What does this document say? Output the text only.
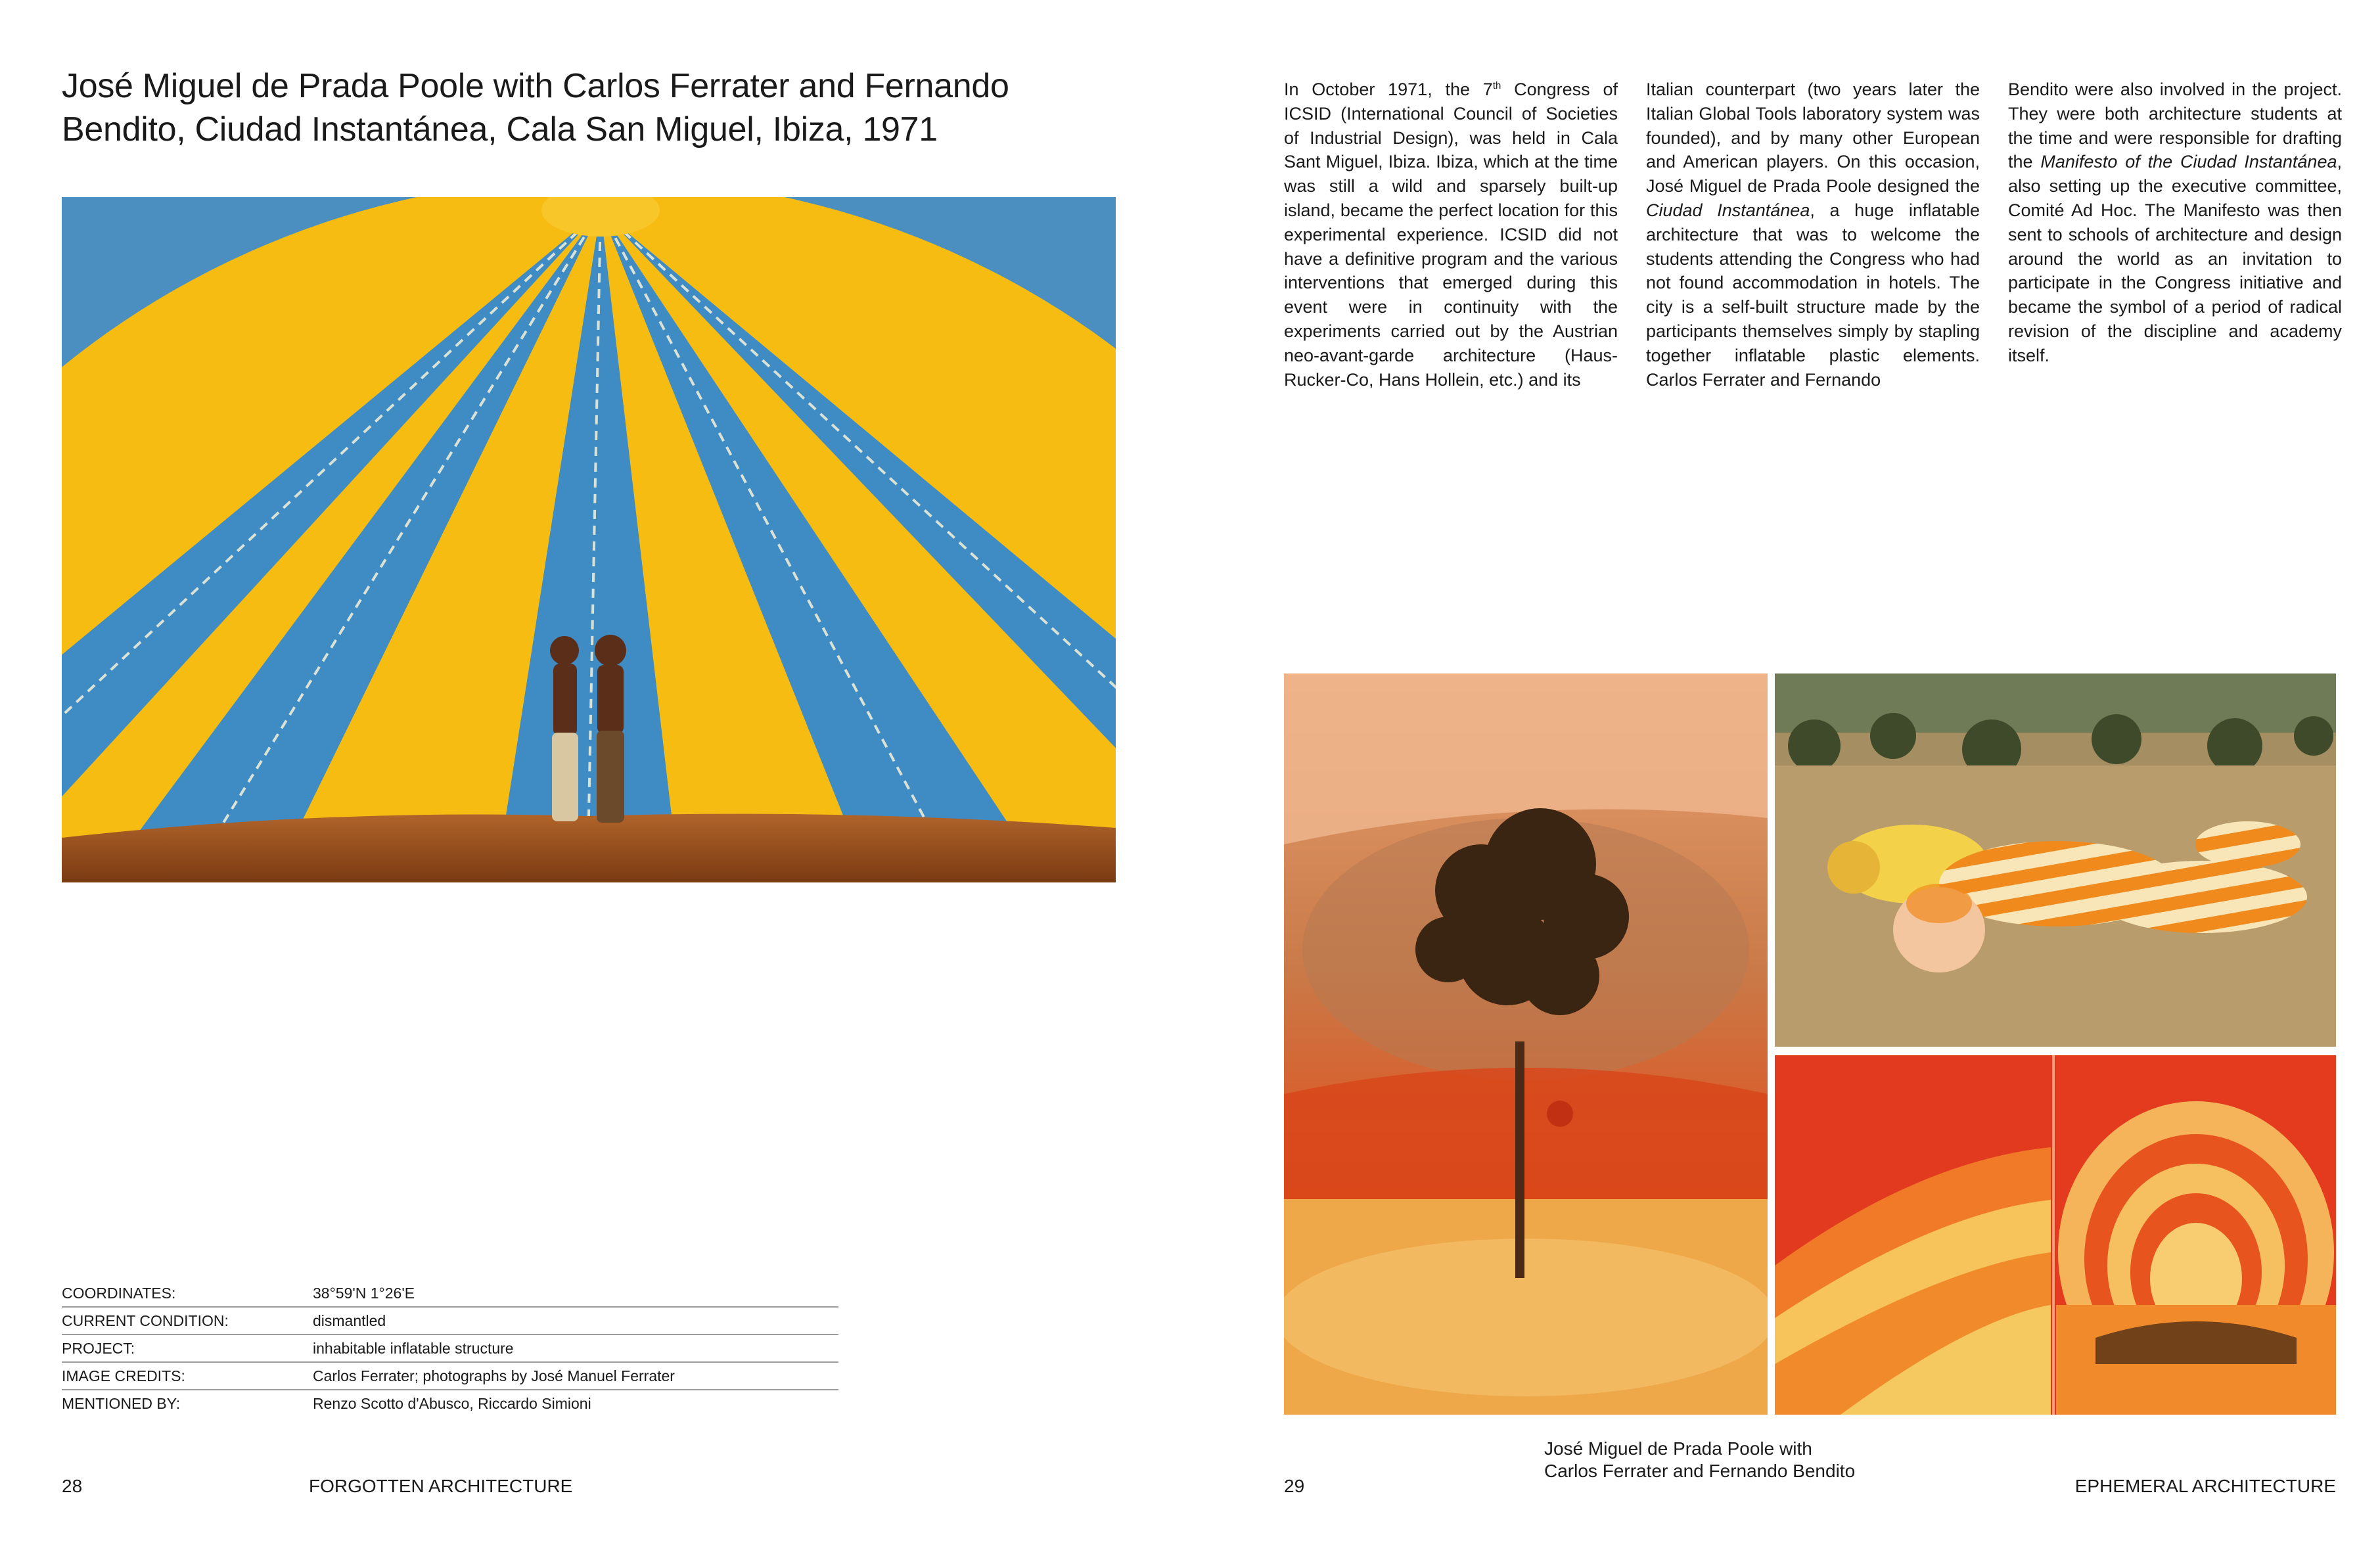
José Miguel de Prada Poole with Carlos Ferrater and Fernando Bendito, Ciudad Instantánea, Cala San Miguel, Ibiza, 1971
COORDINATES:	38°59'N 1°26'E
CURRENT CONDITION:	dismantled
PROJECT:	inhabitable inflatable structure
IMAGE CREDITS:	Carlos Ferrater; photographs by José Manuel Ferrater
MENTIONED BY:	Renzo Scotto d'Abusco, Riccardo Simioni
28	FORGOTTEN ARCHITECTURE

In October 1971, the 7th Congress of ICSID (International Council of Societies of Industrial Design), was held in Cala Sant Miguel, Ibiza. Ibiza, which at the time was still a wild and sparsely built-up island, became the perfect location for this experimental experience. ICSID did not have a definitive program and the various interventions that emerged during this event were in continuity with the experiments carried out by the Austrian neo-avant-garde architecture (Haus-Rucker-Co, Hans Hollein, etc.) and its

Italian counterpart (two years later the Italian Global Tools laboratory system was founded), and by many other European and American players. On this occasion, José Miguel de Prada Poole designed the Ciudad Instantánea, a huge inflatable architecture that was to welcome the students attending the Congress who had not found accommodation in hotels. The city is a self-built structure made by the participants themselves simply by stapling together inflatable plastic elements. Carlos Ferrater and Fernando

Bendito were also involved in the project. They were both architecture students at the time and were responsible for drafting the Manifesto of the Ciudad Instantánea, also setting up the executive committee, Comité Ad Hoc. The Manifesto was then sent to schools of architecture and design around the world as an invitation to participate in the Congress initiative and became the symbol of a period of radical revision of the discipline and academy itself.

José Miguel de Prada Poole with
Carlos Ferrater and Fernando Bendito
29	EPHEMERAL ARCHITECTURE
